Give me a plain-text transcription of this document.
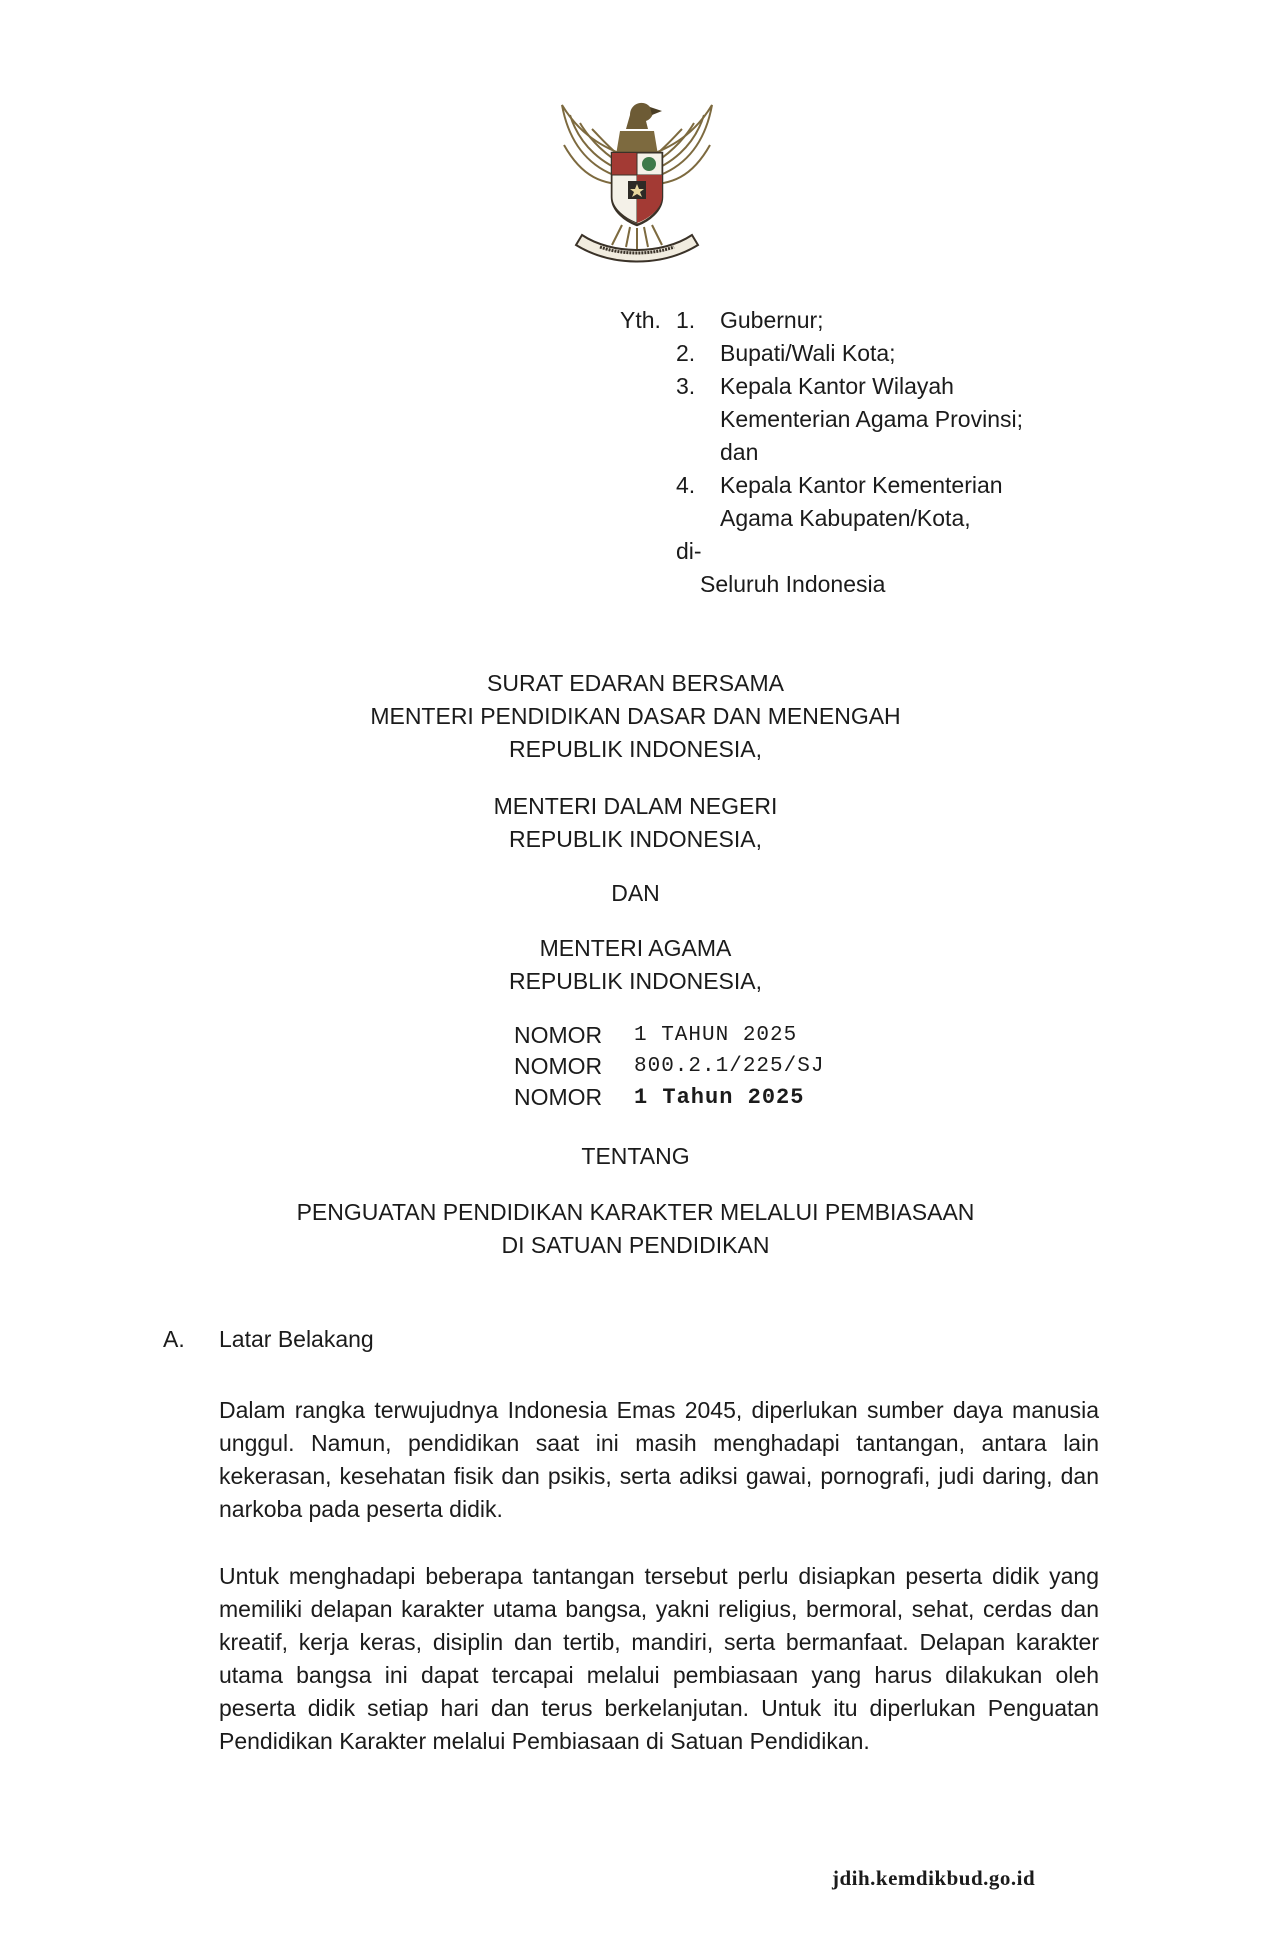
Yth. 1. Gubernur;
2. Bupati/Wali Kota;
3. Kepala Kantor Wilayah
Kementerian Agama Provinsi;
dan
4. Kepala Kantor Kementerian
Agama Kabupaten/Kota,
di-
Seluruh Indonesia
SURAT EDARAN BERSAMA
MENTERI PENDIDIKAN DASAR DAN MENENGAH
REPUBLIK INDONESIA,
MENTERI DALAM NEGERI
REPUBLIK INDONESIA,
DAN
MENTERI AGAMA
REPUBLIK INDONESIA,
NOMOR	1 TAHUN 2025
NOMOR	800.2.1/225/SJ
NOMOR	1 Tahun 2025
TENTANG
PENGUATAN PENDIDIKAN KARAKTER MELALUI PEMBIASAAN
DI SATUAN PENDIDIKAN
A. Latar Belakang

Dalam rangka terwujudnya Indonesia Emas 2045, diperlukan sumber daya manusia unggul. Namun, pendidikan saat ini masih menghadapi tantangan, antara lain kekerasan, kesehatan fisik dan psikis, serta adiksi gawai, pornografi, judi daring, dan narkoba pada peserta didik.

Untuk menghadapi beberapa tantangan tersebut perlu disiapkan peserta didik yang memiliki delapan karakter utama bangsa, yakni religius, bermoral, sehat, cerdas dan kreatif, kerja keras, disiplin dan tertib, mandiri, serta bermanfaat. Delapan karakter utama bangsa ini dapat tercapai melalui pembiasaan yang harus dilakukan oleh peserta didik setiap hari dan terus berkelanjutan. Untuk itu diperlukan Penguatan Pendidikan Karakter melalui Pembiasaan di Satuan Pendidikan.

jdih.kemdikbud.go.id
